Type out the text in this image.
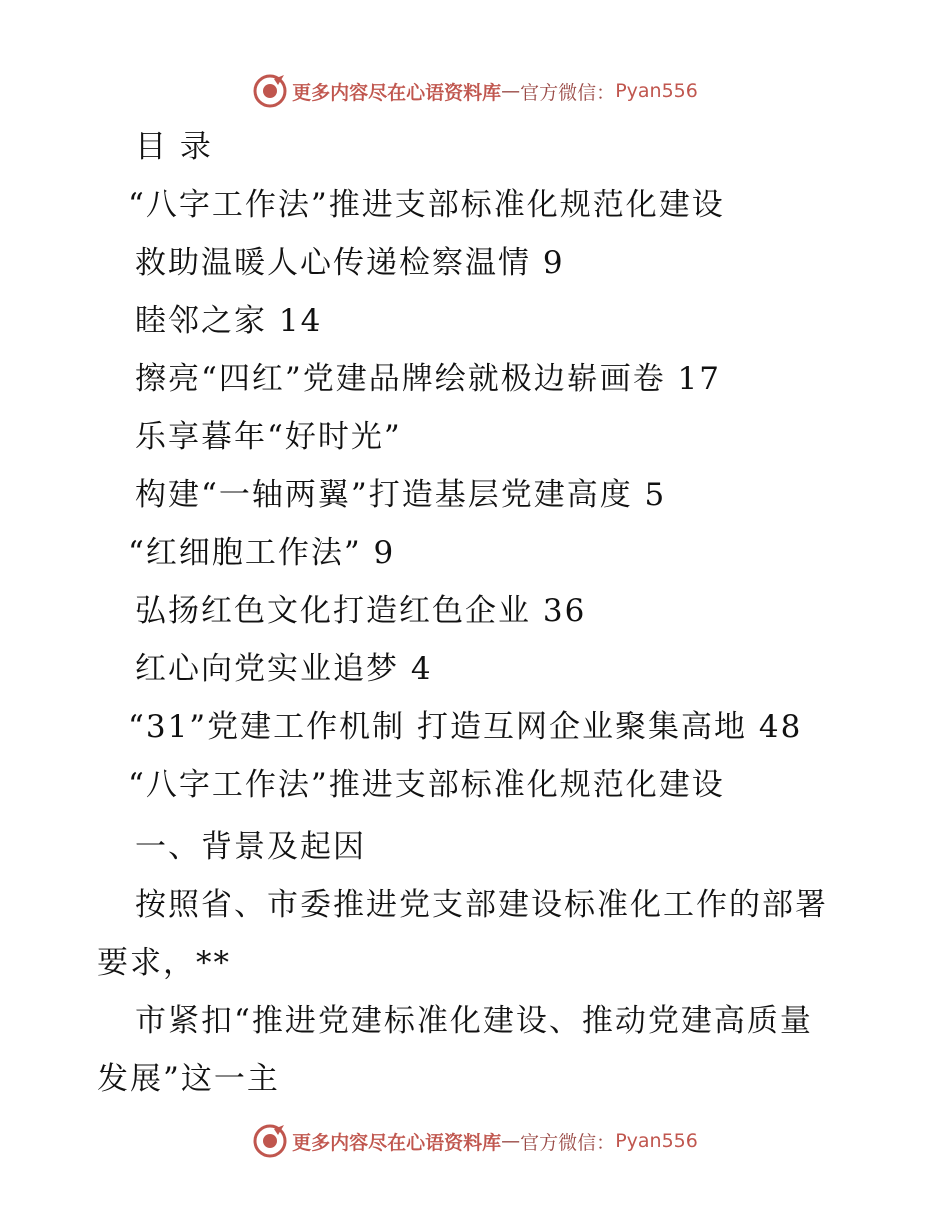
更多内容尽在心语资料库 — 官方微信： Pyan556
目 录
“八字工作法”推进支部标准化规范化建设
救助温暖人心传递检察温情 9
睦邻之家 14
擦亮“四红”党建品牌绘就极边崭画卷 17
乐享暮年“好时光”
构建“一轴两翼”打造基层党建高度 5
“红细胞工作法” 9
弘扬红色文化打造红色企业 36
红心向党实业追梦 4
“31”党建工作机制 打造互网企业聚集高地 48
“八字工作法”推进支部标准化规范化建设
一、背景及起因
按照省、市委推进党支部建设标准化工作的部署
要求，**
市紧扣“推进党建标准化建设、推动党建高质量
发展”这一主
更多内容尽在心语资料库 — 官方微信： Pyan556
